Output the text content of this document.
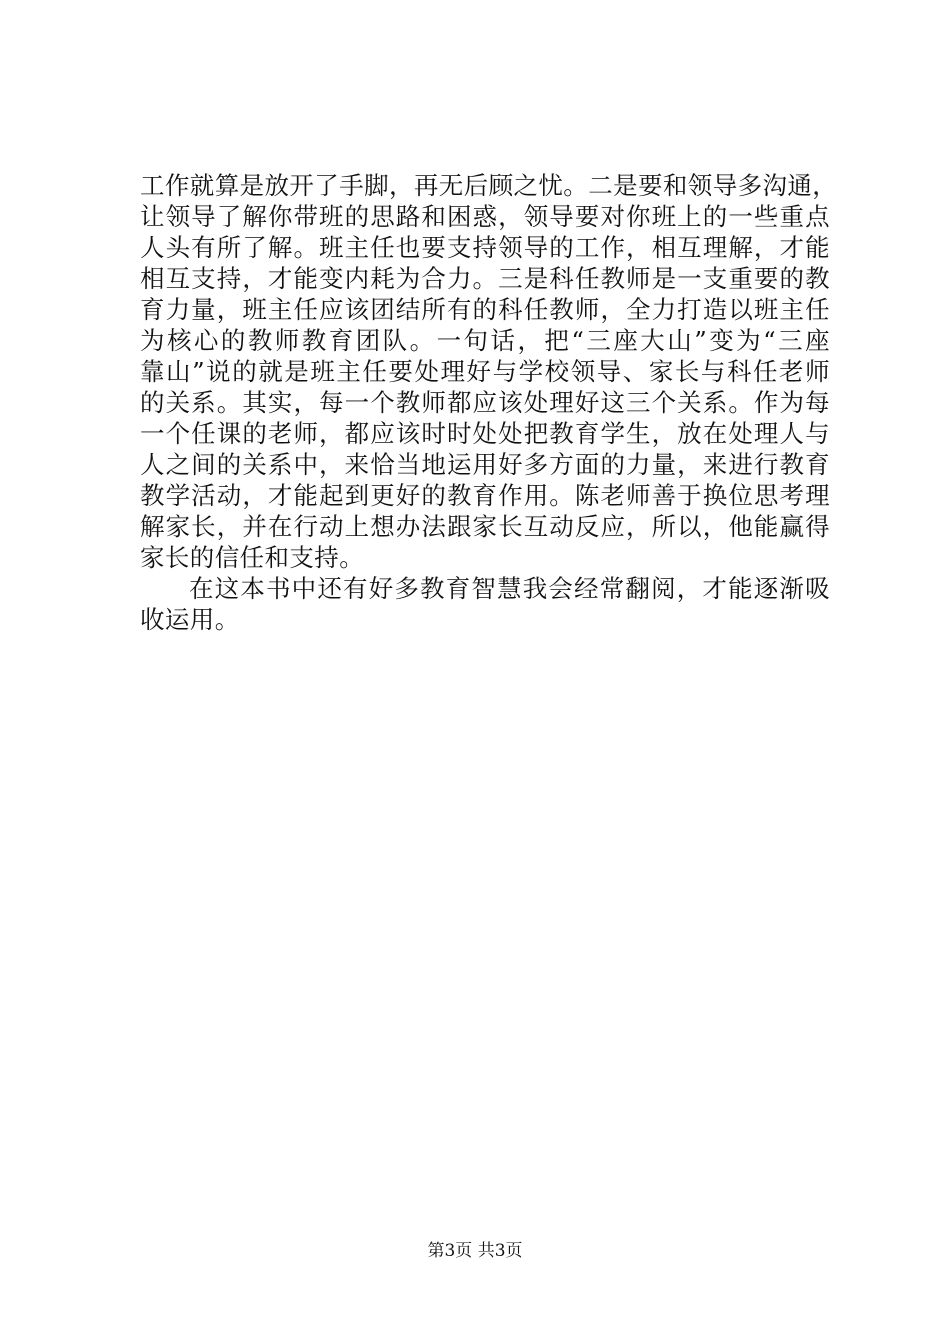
工作就算是放开了手脚，再无后顾之忧。二是要和领导多沟通，
让领导了解你带班的思路和困惑，领导要对你班上的一些重点
人头有所了解。班主任也要支持领导的工作，相互理解，才能
相互支持，才能变内耗为合力。三是科任教师是一支重要的教
育力量，班主任应该团结所有的科任教师，全力打造以班主任
为核心的教师教育团队。一句话，把“三座大山”变为“三座
靠山”说的就是班主任要处理好与学校领导、家长与科任老师
的关系。其实，每一个教师都应该处理好这三个关系。作为每
一个任课的老师，都应该时时处处把教育学生，放在处理人与
人之间的关系中，来恰当地运用好多方面的力量，来进行教育
教学活动，才能起到更好的教育作用。陈老师善于换位思考理
解家长，并在行动上想办法跟家长互动反应，所以，他能赢得
家长的信任和支持。
在这本书中还有好多教育智慧我会经常翻阅，才能逐渐吸
收运用。
第3页 共3页
